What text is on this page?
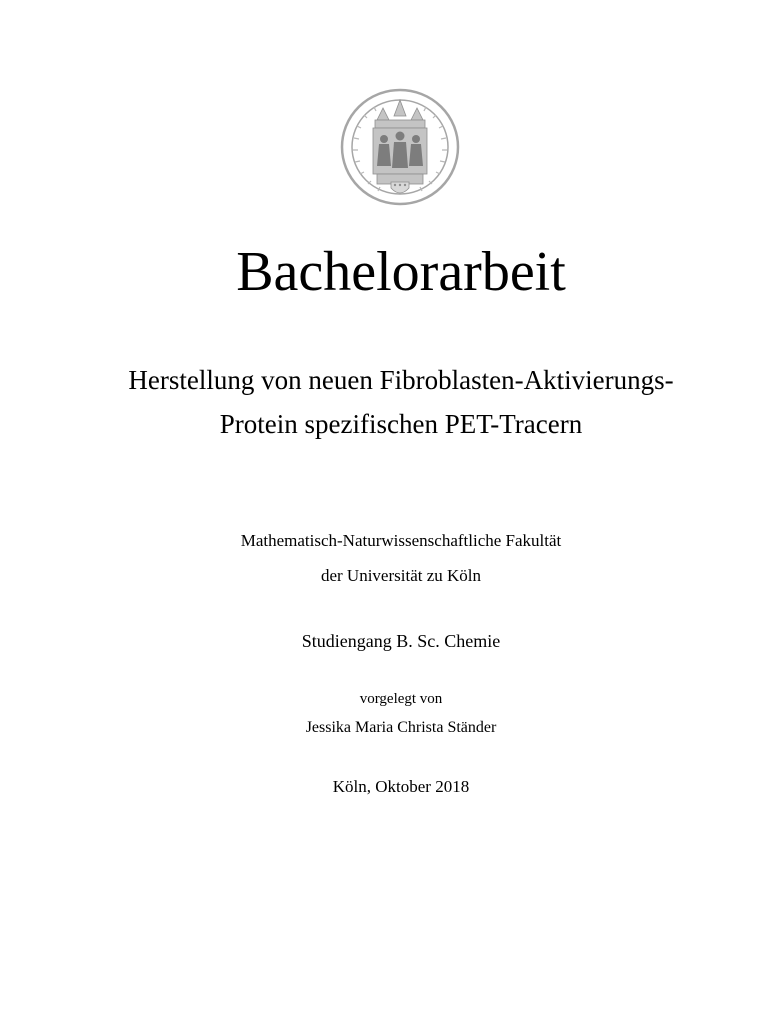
Bachelorarbeit
Herstellung von neuen Fibroblasten-Aktivierungs-
Protein spezifischen PET-Tracern
Mathematisch-Naturwissenschaftliche Fakultät
der Universität zu Köln
Studiengang B. Sc. Chemie
vorgelegt von
Jessika Maria Christa Ständer
Köln, Oktober 2018
